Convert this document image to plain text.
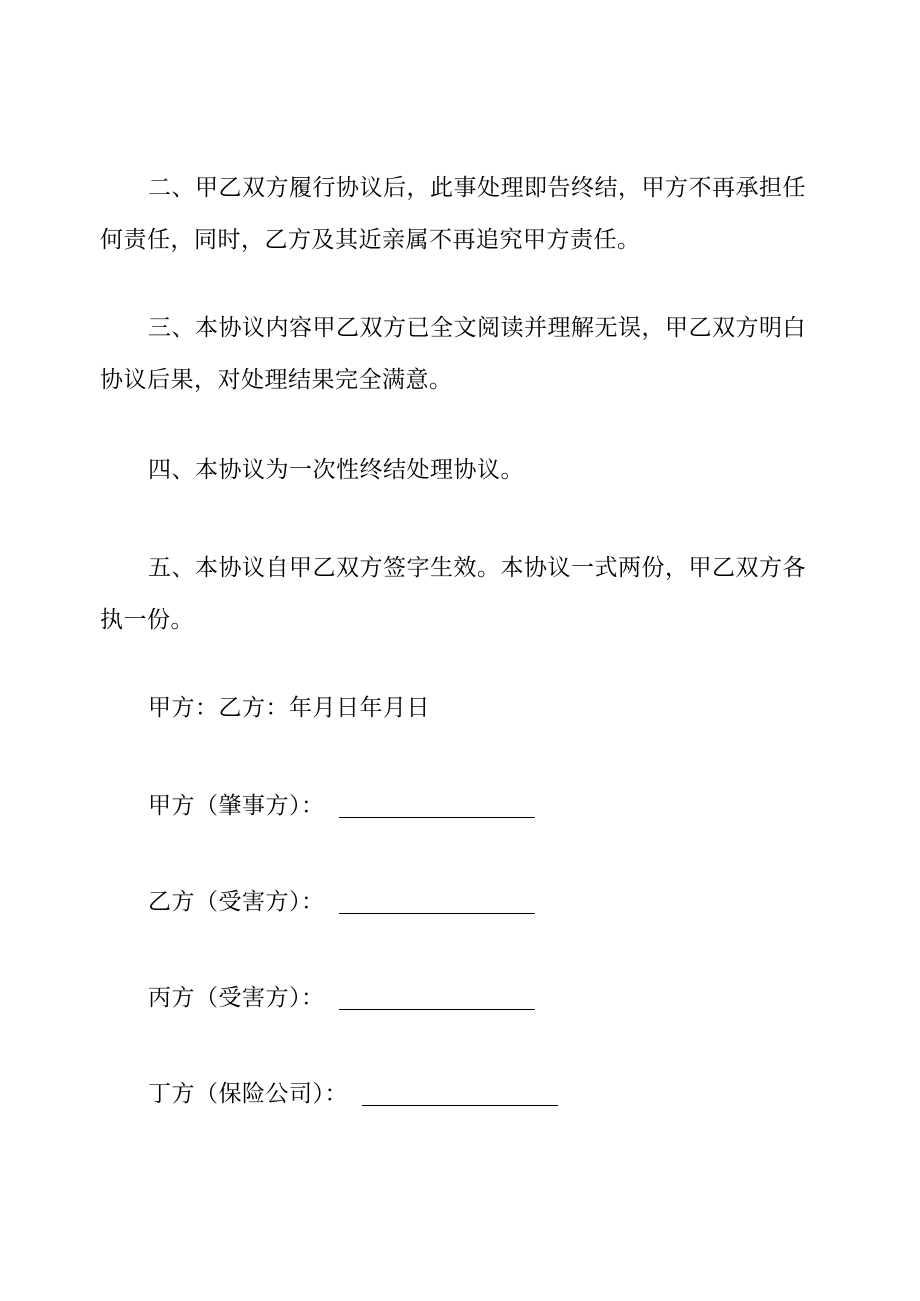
二、甲乙双方履行协议后，此事处理即告终结，甲方不再承担任何责任，同时，乙方及其近亲属不再追究甲方责任。

三、本协议内容甲乙双方已全文阅读并理解无误，甲乙双方明白协议后果，对处理结果完全满意。

四、本协议为一次性终结处理协议。

五、本协议自甲乙双方签字生效。本协议一式两份，甲乙双方各执一份。

甲方：乙方：年月日年月日

甲方（肇事方）：
乙方（受害方）：
丙方（受害方）：
丁方（保险公司）：
